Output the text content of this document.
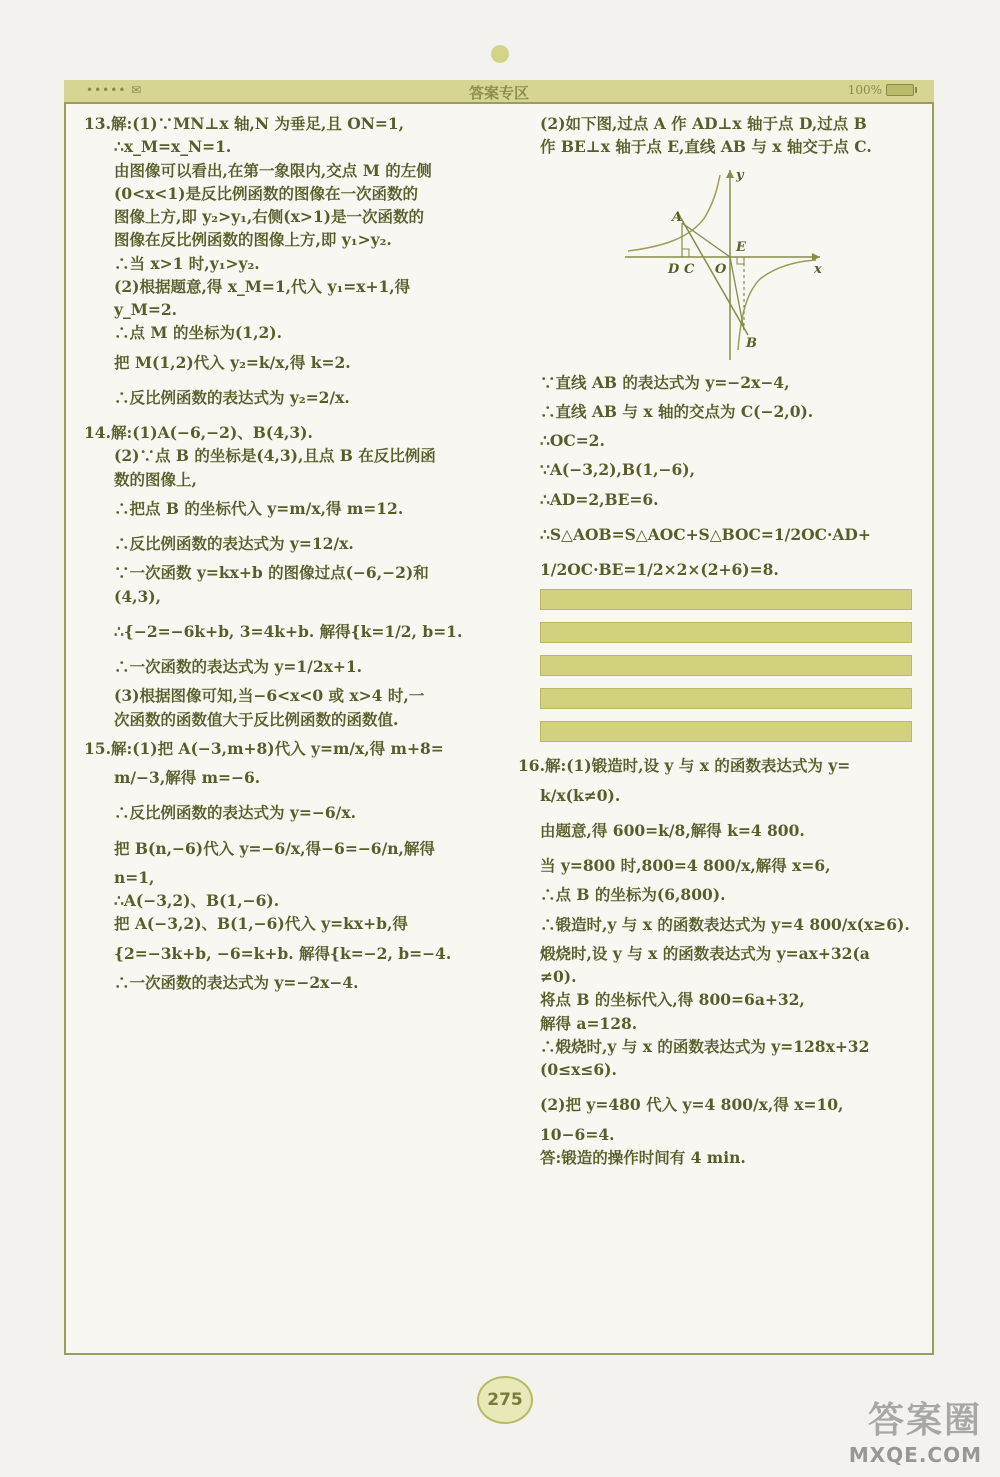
••••• ✉	答案专区	100%
13.解:(1)∵MN⊥x 轴,N 为垂足,且 ON=1,
∴x_M=x_N=1.
由图像可以看出,在第一象限内,交点 M 的左侧
(0<x<1)是反比例函数的图像在一次函数的
图像上方,即 y₂>y₁,右侧(x>1)是一次函数的
图像在反比例函数的图像上方,即 y₁>y₂.
∴当 x>1 时,y₁>y₂.
(2)根据题意,得 x_M=1,代入 y₁=x+1,得
y_M=2.
∴点 M 的坐标为(1,2).
把 M(1,2)代入 y₂=k/x,得 k=2.
∴反比例函数的表达式为 y₂=2/x.
14.解:(1)A(−6,−2)、B(4,3).
(2)∵点 B 的坐标是(4,3),且点 B 在反比例函
数的图像上,
∴把点 B 的坐标代入 y=m/x,得 m=12.
∴反比例函数的表达式为 y=12/x.
∵一次函数 y=kx+b 的图像过点(−6,−2)和
(4,3),
∴{−2=−6k+b, 3=4k+b. 解得{k=1/2, b=1.
∴一次函数的表达式为 y=1/2x+1.
(3)根据图像可知,当−6<x<0 或 x>4 时,一
次函数的函数值大于反比例函数的函数值.
15.解:(1)把 A(−3,m+8)代入 y=m/x,得 m+8=
m/−3,解得 m=−6.
∴反比例函数的表达式为 y=−6/x.
把 B(n,−6)代入 y=−6/x,得−6=−6/n,解得
n=1,
∴A(−3,2)、B(1,−6).
把 A(−3,2)、B(1,−6)代入 y=kx+b,得
{2=−3k+b, −6=k+b. 解得{k=−2, b=−4.
∴一次函数的表达式为 y=−2x−4.
(2)如下图,过点 A 作 AD⊥x 轴于点 D,过点 B
作 BE⊥x 轴于点 E,直线 AB 与 x 轴交于点 C.
y
x
A
B
D C O
E
∵直线 AB 的表达式为 y=−2x−4,
∴直线 AB 与 x 轴的交点为 C(−2,0).
∴OC=2.
∵A(−3,2),B(1,−6),
∴AD=2,BE=6.
∴S△AOB=S△AOC+S△BOC=1/2OC·AD+
1/2OC·BE=1/2×2×(2+6)=8.
16.解:(1)锻造时,设 y 与 x 的函数表达式为 y=
k/x(k≠0).
由题意,得 600=k/8,解得 k=4 800.
当 y=800 时,800=4 800/x,解得 x=6,
∴点 B 的坐标为(6,800).
∴锻造时,y 与 x 的函数表达式为 y=4 800/x(x≥6).
煅烧时,设 y 与 x 的函数表达式为 y=ax+32(a
≠0).
将点 B 的坐标代入,得 800=6a+32,
解得 a=128.
∴煅烧时,y 与 x 的函数表达式为 y=128x+32
(0≤x≤6).
(2)把 y=480 代入 y=4 800/x,得 x=10,
10−6=4.
答:锻造的操作时间有 4 min.
275	答案圈
MXQE.COM
